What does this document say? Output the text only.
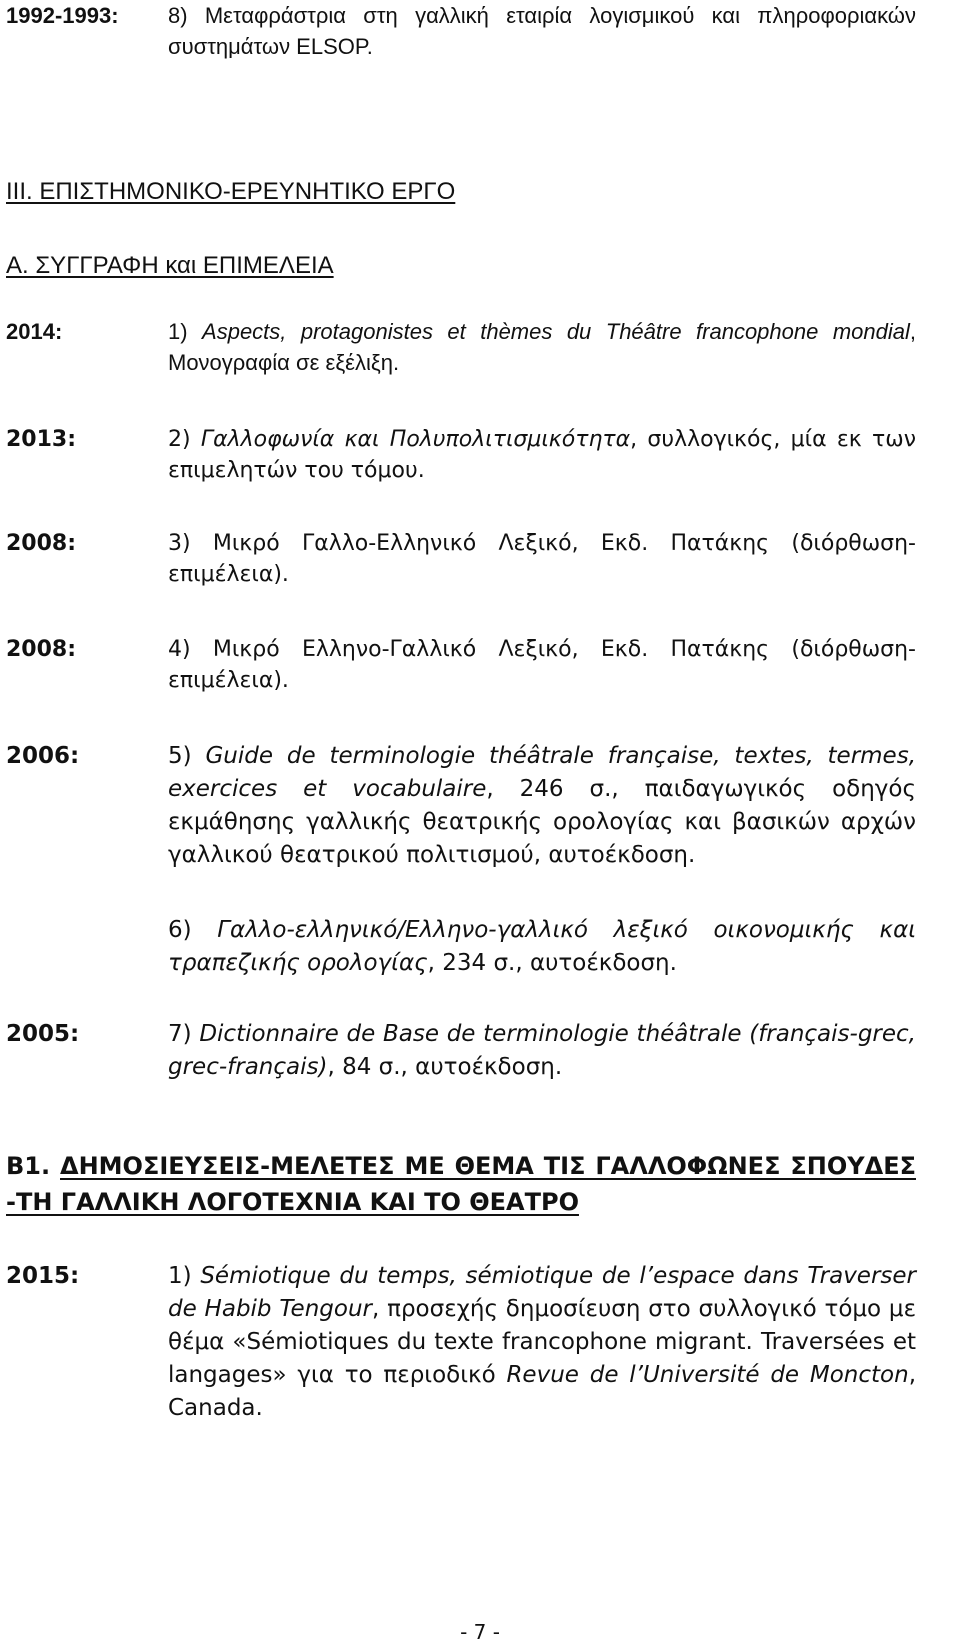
1992-1993:	8) Μεταφράστρια στη γαλλική εταιρία λογισμικού και πληροφοριακών συστημάτων ELSOP.
III. ΕΠΙΣΤΗΜΟΝΙΚΟ-ΕΡΕΥΝΗΤΙΚΟ ΕΡΓΟ
Α. ΣΥΓΓΡΑΦΗ και ΕΠΙΜΕΛΕΙΑ
2014:	1) Aspects, protagonistes et thèmes du Théâtre francophone mondial, Μονογραφία σε εξέλιξη.
2013:	2) Γαλλοφωνία και Πολυπολιτισμικότητα, συλλογικός, μία εκ των επιμελητών του τόμου.
2008:	3) Μικρό Γαλλο-Ελληνικό Λεξικό, Εκδ. Πατάκης (διόρθωση-επιμέλεια).
2008:	4) Μικρό Ελληνο-Γαλλικό Λεξικό, Εκδ. Πατάκης (διόρθωση-επιμέλεια).
2006:	5) Guide de terminologie théâtrale française, textes, termes, exercices et vocabulaire, 246 σ., παιδαγωγικός οδηγός εκμάθησης γαλλικής θεατρικής ορολογίας και βασικών αρχών γαλλικού θεατρικού πολιτισμού, αυτοέκδοση.
6) Γαλλο-ελληνικό/Ελληνο-γαλλικό λεξικό οικονομικής και τραπεζικής ορολογίας, 234 σ., αυτοέκδοση.
2005:	7) Dictionnaire de Base de terminologie théâtrale (français-grec, grec-français), 84 σ., αυτοέκδοση.
Β1. ΔΗΜΟΣΙΕΥΣΕΙΣ-ΜΕΛΕΤΕΣ ΜΕ ΘΕΜΑ ΤΙΣ ΓΑΛΛΟΦΩΝΕΣ ΣΠΟΥΔΕΣ -ΤΗ ΓΑΛΛΙΚΗ ΛΟΓΟΤΕΧΝΙΑ ΚΑΙ ΤΟ ΘΕΑΤΡΟ
2015:	1) Sémiotique du temps, sémiotique de l’espace dans Traverser de Habib Tengour, προσεχής δημοσίευση στο συλλογικό τόμο με θέμα «Sémiotiques du texte francophone migrant. Traversées et langages» για το περιοδικό Revue de l’Université de Moncton, Canada.
- 7 -
